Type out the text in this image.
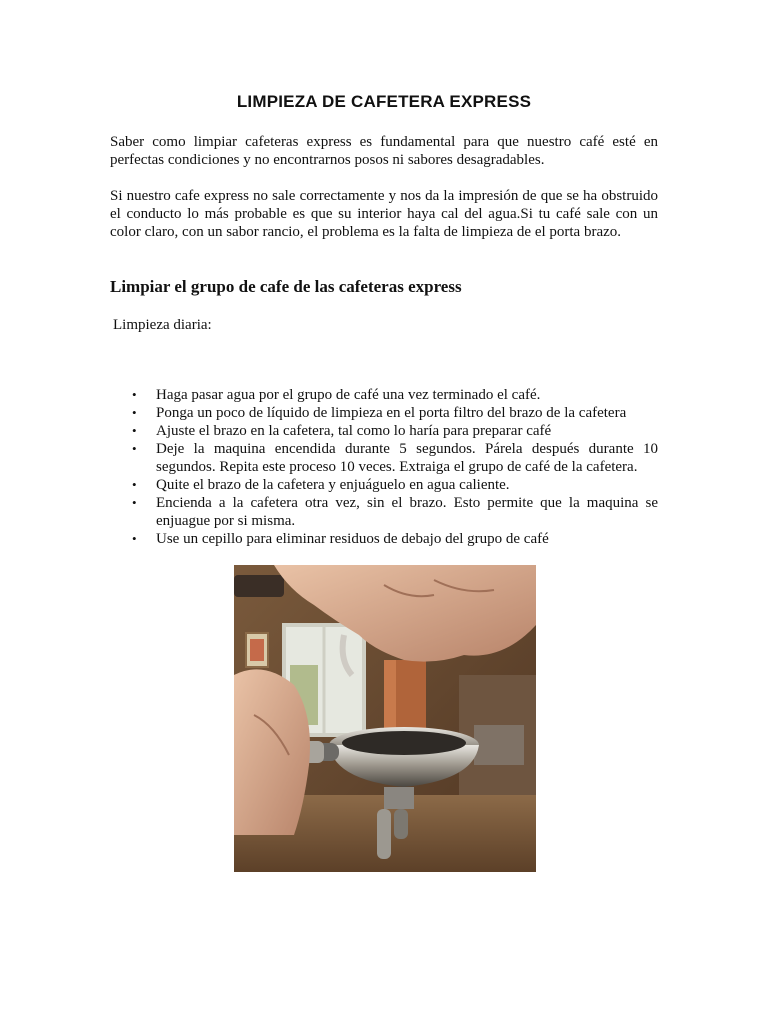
LIMPIEZA DE CAFETERA EXPRESS
Saber como limpiar cafeteras express es fundamental para que nuestro café esté en perfectas condiciones y no encontrarnos posos ni sabores desagradables.
Si nuestro cafe express no sale correctamente y nos da la impresión de que se ha obstruido el conducto lo más probable es que su interior haya cal del agua.Si tu café sale con un color claro, con un sabor rancio, el problema es la falta de limpieza de el porta brazo.
Limpiar el grupo de cafe de las cafeteras express
Limpieza diaria:
• Haga pasar agua por el grupo de café una vez terminado el café.
• Ponga un poco de líquido de limpieza en el porta filtro del brazo de la cafetera
• Ajuste el brazo en la cafetera, tal como lo haría para preparar café
• Deje la maquina encendida durante 5 segundos. Párela después durante 10 segundos. Repita este proceso 10 veces. Extraiga el grupo de café de la cafetera.
• Quite el brazo de la cafetera y enjuáguelo en agua caliente.
• Encienda a la cafetera otra vez, sin el brazo. Esto permite que la maquina se enjuague por si misma.
• Use un cepillo para eliminar residuos de debajo del grupo de café
